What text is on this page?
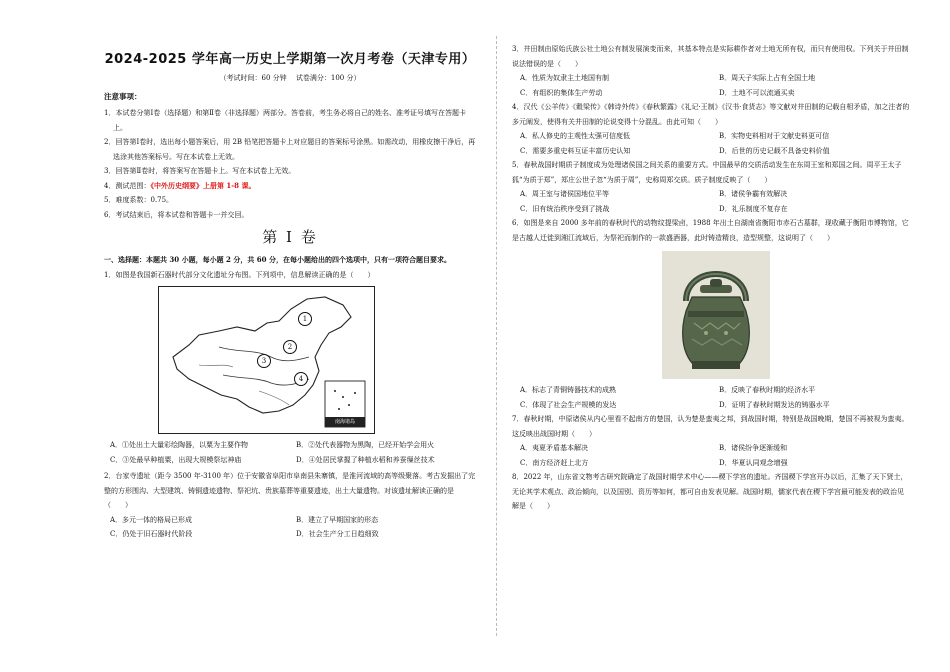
2024-2025 学年高一历史上学期第一次月考卷（天津专用）
（考试时间：60 分钟　 试卷满分：100 分）
注意事项：

1．本试卷分第Ⅰ卷（选择题）和第Ⅱ卷（非选择题）两部分。答卷前，考生务必将自己的姓名、准考证号填写在答题卡上。

2．回答第Ⅰ卷时，选出每小题答案后，用 2B 铅笔把答题卡上对应题目的答案标号涂黑。如需改动，用橡皮擦干净后，再选涂其他答案标号。写在本试卷上无效。

3．回答第Ⅱ卷时，将答案写在答题卡上。写在本试卷上无效。

4．测试范围：《中外历史纲要》上册第 1-8 课。

5．难度系数：0.75。

6．考试结束后，将本试卷和答题卡一并交回。

第 I 卷

一、选择题：本题共 30 小题，每小题 2 分，共 60 分，在每小题给出的四个选项中，只有一项符合题目要求。

1．如图是我国新石器时代部分文化遗址分布图。下列项中，信息解读正确的是（　　）

1
2
3
4
南海诸岛
A．①处出土大量彩绘陶器，以粟为主要作物	B．②处代表器物为黑陶，已经开始学会用火
C．③处最早种植粟，出现大规模祭坛神庙	D．④处居民掌握了种植水稻和养蚕缫丝技术

2．台家寺遗址（距今 3500 年-3100 年）位于安徽省阜阳市阜南县朱寨镇，是淮河流域的高等级聚落。考古发掘出了完整的方形围沟、大型建筑、铸铜遗迹遗物、祭祀坑、贵族墓葬等重要遗迹，出土大量遗物。对该遗址解读正确的是（　　）

A．多元一体的格局已形成	B．建立了早期国家的形态
C．仍处于旧石器时代阶段	D．社会生产分工日趋细致

3．井田制由原始氏族公社土地公有制发展演变而来，其基本特点是实际耕作者对土地无所有权，而只有使用权。下列关于井田制说法错误的是（　　）

A．性质为奴隶主土地国有制	B．周天子实际上占有全国土地
C．有组织的集体生产劳动	D．土地不可以流通买卖

4．汉代《公羊传》《穀梁传》《韩诗外传》《春秋繁露》《礼记·王制》《汉书·食货志》等文献对井田制的记载自相矛盾，加之注者的多元阐发，使得有关井田制的论说变得十分混乱。由此可知（　　）

A．私人修史的主观性太强可信度低	B．实物史料相对于文献史料更可信
C．需要多重史料互证丰富历史认知	D．后世的历史记载不具备史料价值

5．春秋战国时期质子制度成为处理诸侯国之间关系的重要方式。中国最早的交质活动发生在东周王室和郑国之间。周平王太子狐“为质于郑”，郑庄公世子忽“为质于周”，史称周郑交质。质子制度反映了（　　）

A．周王室与诸侯国地位平等	B．诸侯争霸有效解决
C．旧有统治秩序受到了挑战	D．礼乐制度不复存在

6．如图是来自 2000 多年前的春秋时代的动物纹提梁卣，1988 年出土自湖南省衡阳市赤石古墓群，现收藏于衡阳市博物馆，它是古越人迁徙到湘江流域后，为祭祀而制作的一款盛酒器，此时铸造精良，造型规整，这说明了（　　）

A．标志了青铜铸器技术的成熟	B．反映了春秋时期的经济水平
C．体现了社会生产规模的发达	D．证明了春秋时期发达的铸器水平

7．春秋时期，中原诸侯从内心里看不起南方的楚国，认为楚是蛮夷之邦，到战国时期，特别是战国晚期，楚国不再被视为蛮夷。这反映出战国时期（　　）

A．夷夏矛盾基本解决	B．诸侯纷争逐渐缓和
C．南方经济赶上北方	D．华夏认同观念增强

8．2022 年，山东省文物考古研究院确定了战国时期学术中心——稷下学宫的遗址。齐国稷下学宫开办以后，汇集了天下贤士，无论其学术观点、政治倾向，以及国别、资历等如何，都可自由发表见解。战国时期，儒家代表在稷下学宫最可能发表的政治见解是（　　）
